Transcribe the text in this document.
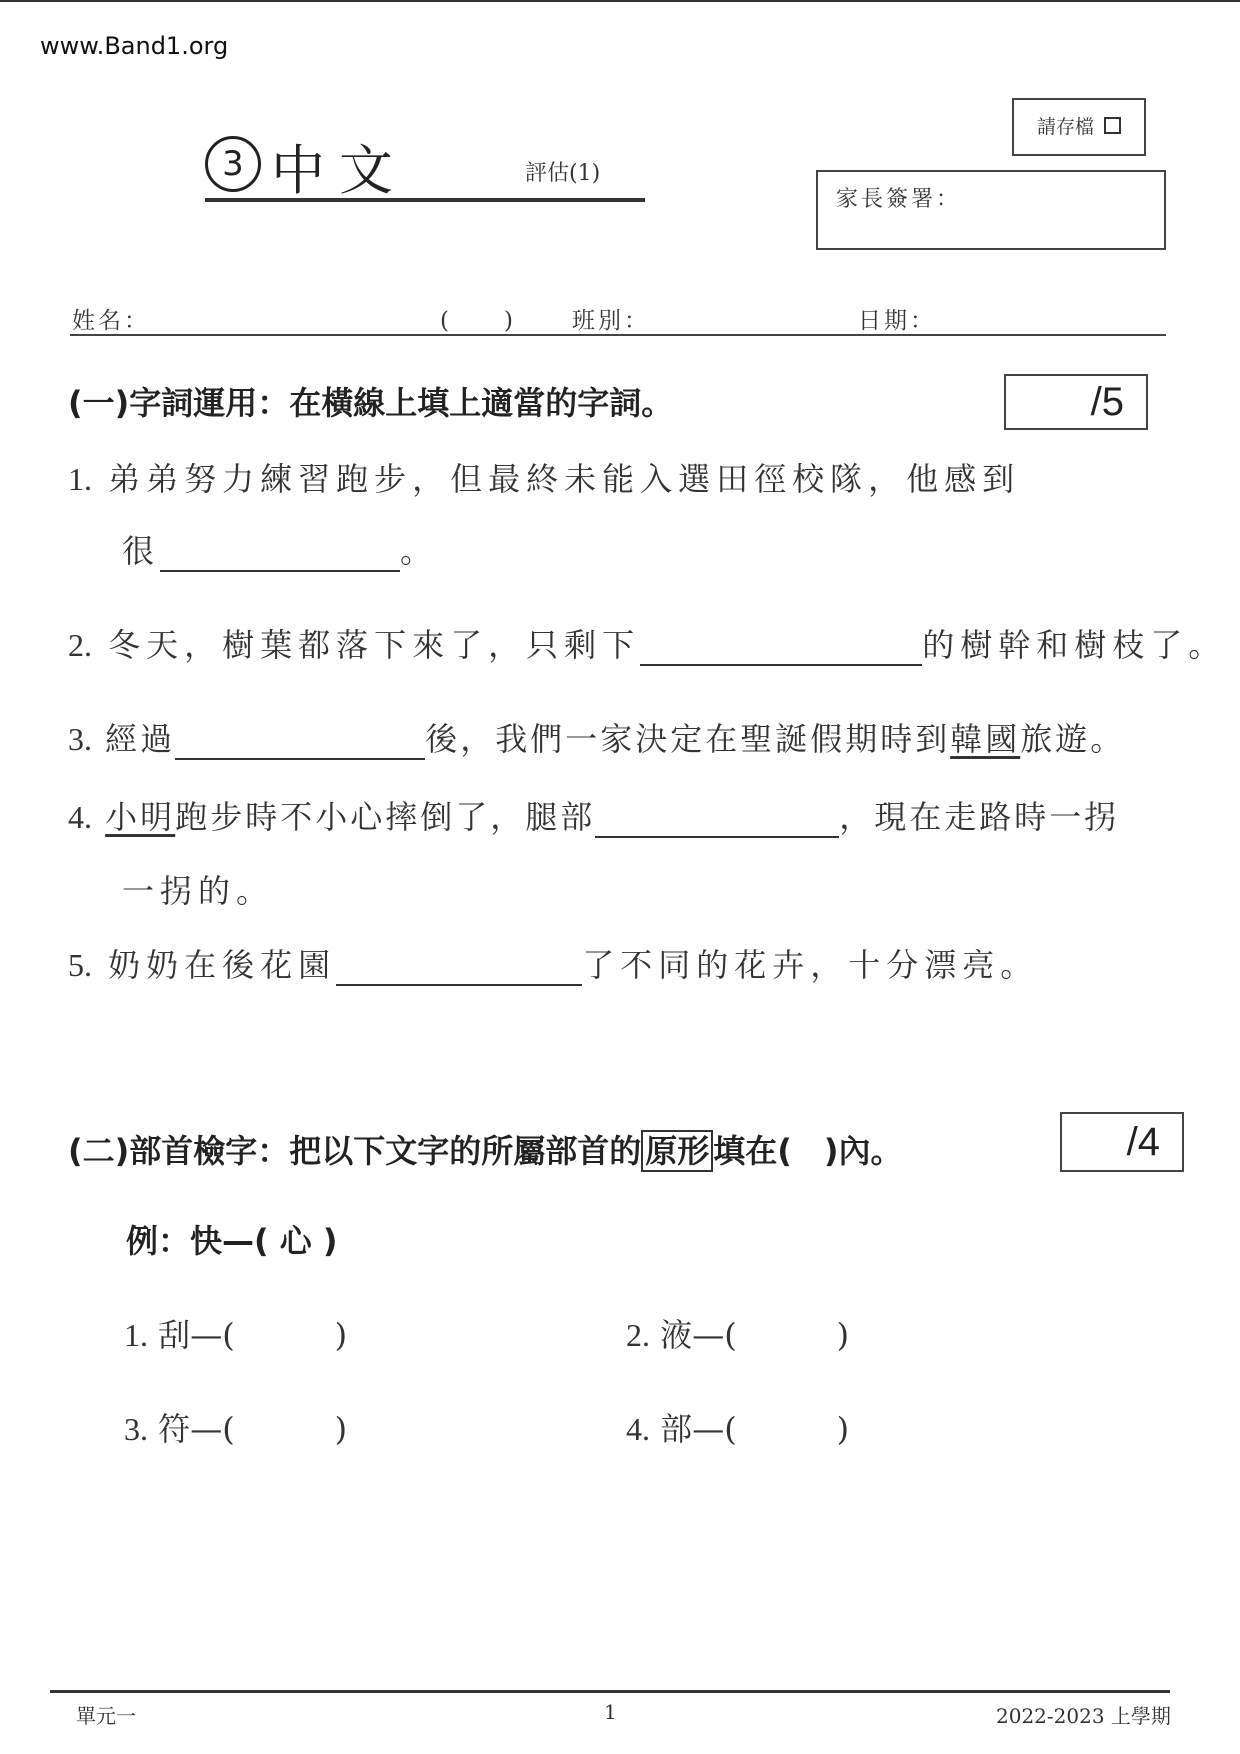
www.Band1.org
3 中文	評估(1)
請存檔
家長簽署：
姓名：	(　　) 班別：	日期：
(一)字詞運用：在橫線上填上適當的字詞。	/5
1. 弟弟努力練習跑步，但最終未能入選田徑校隊，他感到
很	。
2. 冬天，樹葉都落下來了，只剩下	的樹幹和樹枝了。
3. 經過	後，我們一家決定在聖誕假期時到韓國旅遊。
4. 小明跑步時不小心摔倒了，腿部	，現在走路時一拐
一拐的。
5. 奶奶在後花園	了不同的花卉，十分漂亮。
(二)部首檢字：把以下文字的所屬部首的 原形 填在(　)內。	/4
例：快—( 心 )
1. 刮—(	)	2. 液—(	)
3. 符—(	)	4. 部—(	)
單元一	1	2022-2023 上學期
